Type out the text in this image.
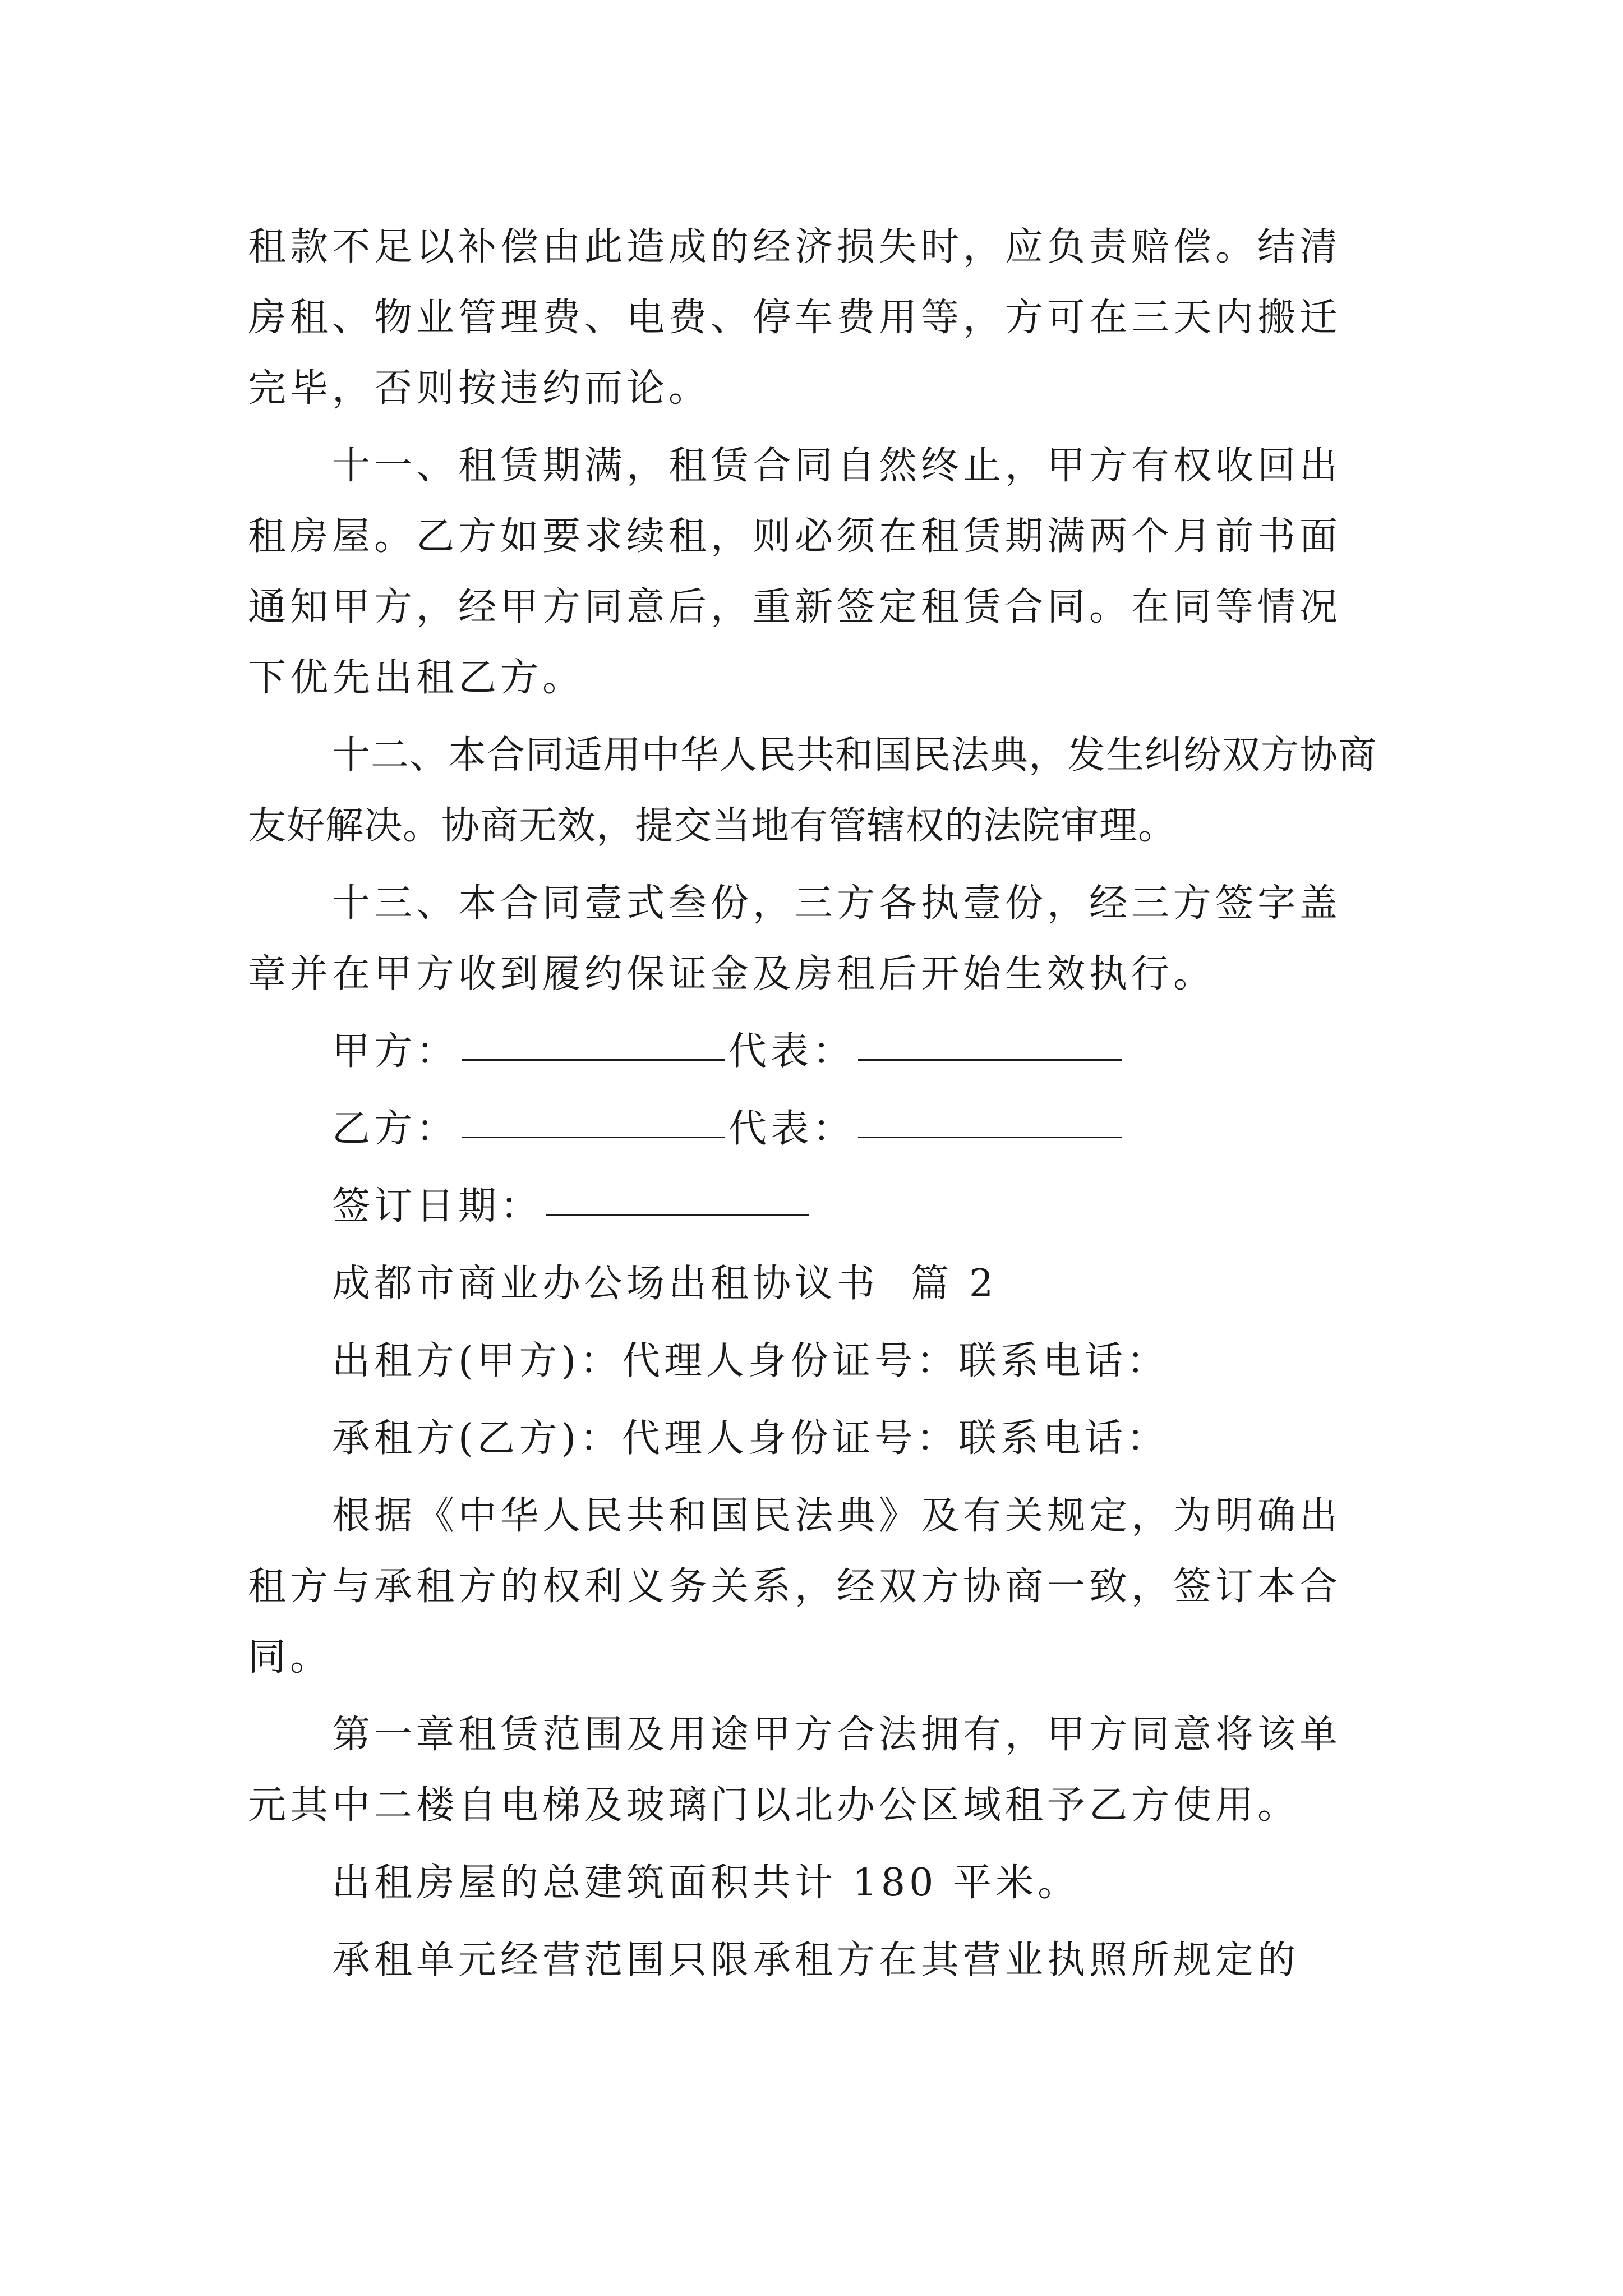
租款不足以补偿由此造成的经济损失时，应负责赔偿。结清房租、物业管理费、电费、停车费用等，方可在三天内搬迁完毕，否则按违约而论。

十一、租赁期满，租赁合同自然终止，甲方有权收回出租房屋。乙方如要求续租，则必须在租赁期满两个月前书面通知甲方，经甲方同意后，重新签定租赁合同。在同等情况下优先出租乙方。

十二、本合同适用中华人民共和国民法典，发生纠纷双方协商友好解决。协商无效，提交当地有管辖权的法院审理。

十三、本合同壹式叁份，三方各执壹份，经三方签字盖章并在甲方收到履约保证金及房租后开始生效执行。

甲方：	代表：

乙方：	代表：

签订日期：

成都市商业办公场出租协议书  篇 2

出租方(甲方)：代理人身份证号：联系电话：

承租方(乙方)：代理人身份证号：联系电话：

根据《中华人民共和国民法典》及有关规定，为明确出租方与承租方的权利义务关系，经双方协商一致，签订本合同。

第一章租赁范围及用途甲方合法拥有，甲方同意将该单元其中二楼自电梯及玻璃门以北办公区域租予乙方使用。

出租房屋的总建筑面积共计 180 平米。

承租单元经营范围只限承租方在其营业执照所规定的
